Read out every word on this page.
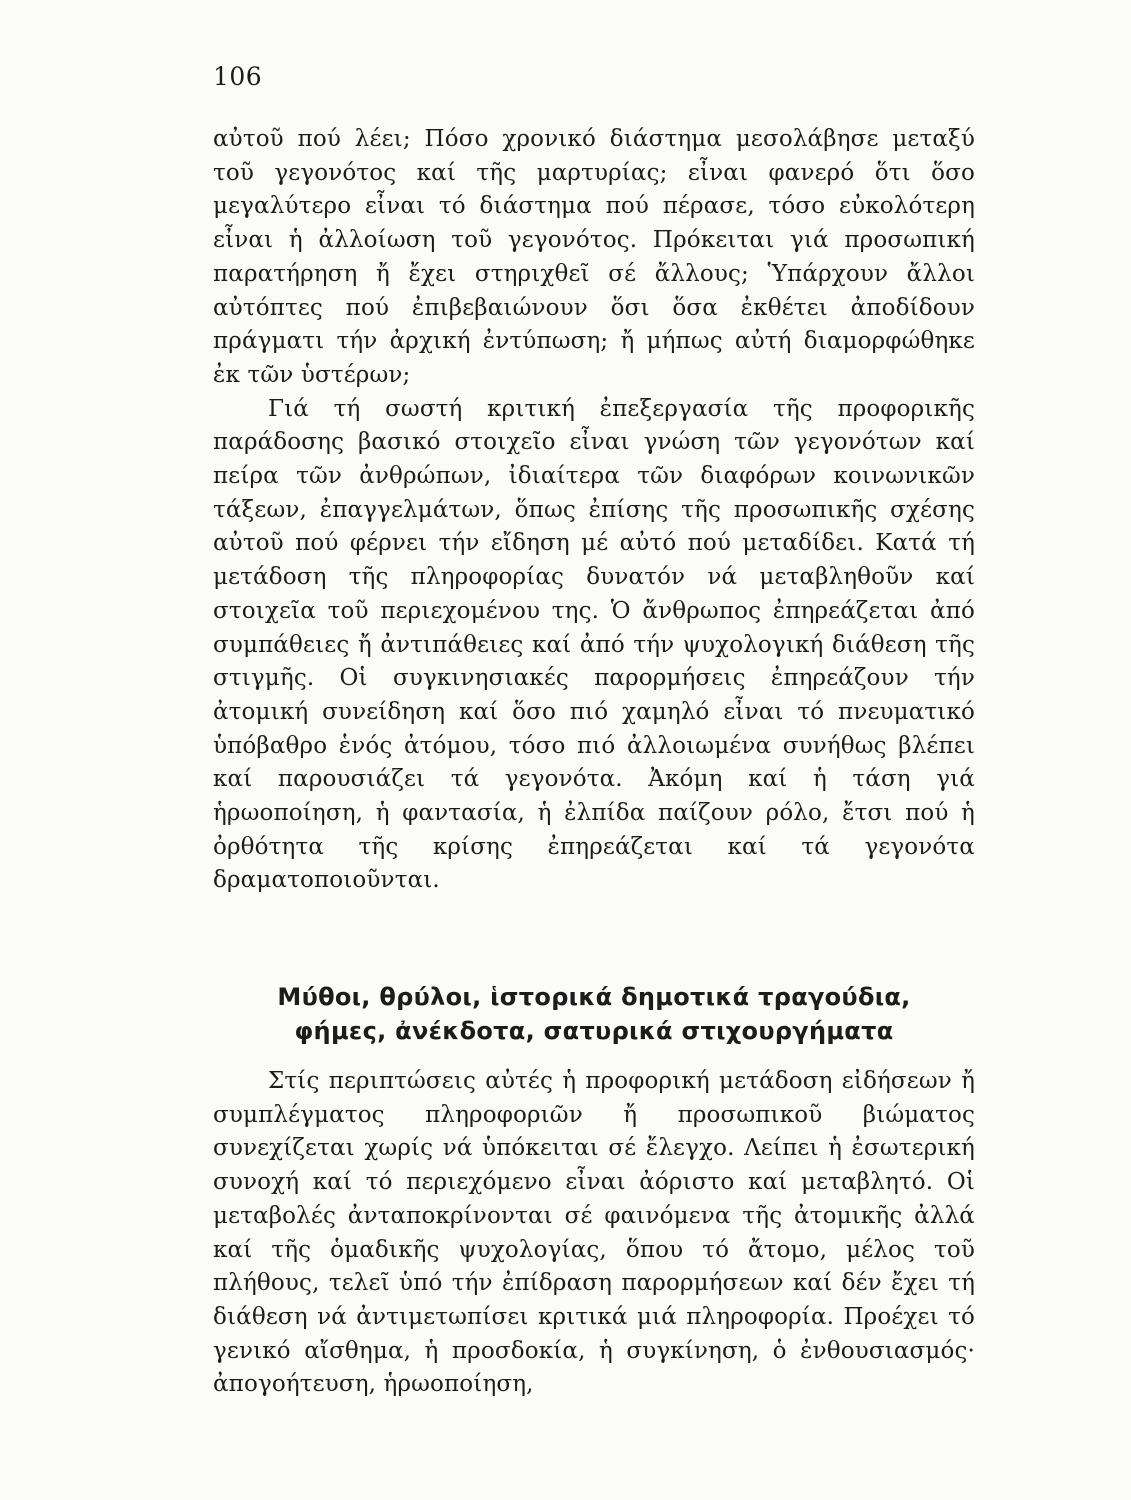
106

αὐτοῦ πού λέει; Πόσο χρονικό διάστημα μεσολάβησε μεταξύ τοῦ γεγονότος καί τῆς μαρτυρίας; εἶναι φανερό ὅτι ὅσο μεγαλύτερο εἶναι τό διάστημα πού πέρασε, τόσο εὐκολότερη εἶναι ἡ ἀλλοίωση τοῦ γεγονότος. Πρόκειται γιά προσωπική παρατήρηση ἤ ἔχει στηριχθεῖ σέ ἄλλους; Ὑπάρχουν ἄλλοι αὐτόπτες πού ἐπιβεβαιώνουν ὅσι ὅσα ἐκθέτει ἀποδίδουν πράγματι τήν ἀρχική ἐντύπωση; ἤ μήπως αὐτή διαμορφώθηκε ἐκ τῶν ὑστέρων;

Γιά τή σωστή κριτική ἐπεξεργασία τῆς προφορικῆς παράδοσης βασικό στοιχεῖο εἶναι γνώση τῶν γεγονότων καί πείρα τῶν ἀνθρώπων, ἰδιαίτερα τῶν διαφόρων κοινωνικῶν τάξεων, ἐπαγγελμάτων, ὅπως ἐπίσης τῆς προσωπικῆς σχέσης αὐτοῦ πού φέρνει τήν εἴδηση μέ αὐτό πού μεταδίδει. Κατά τή μετάδοση τῆς πληροφορίας δυνατόν νά μεταβληθοῦν καί στοιχεῖα τοῦ περιεχομένου της. Ὁ ἄνθρωπος ἐπηρεάζεται ἀπό συμπάθειες ἤ ἀντιπάθειες καί ἀπό τήν ψυχολογική διάθεση τῆς στιγμῆς. Οἱ συγκινησιακές παρορμήσεις ἐπηρεάζουν τήν ἀτομική συνείδηση καί ὅσο πιό χαμηλό εἶναι τό πνευματικό ὑπόβαθρο ἑνός ἀτόμου, τόσο πιό ἀλλοιωμένα συνήθως βλέπει καί παρουσιάζει τά γεγονότα. Ἀκόμη καί ἡ τάση γιά ἡρωοποίηση, ἡ φαντασία, ἡ ἐλπίδα παίζουν ρόλο, ἔτσι πού ἡ ὀρθότητα τῆς κρίσης ἐπηρεάζεται καί τά γεγονότα δραματοποιοῦνται.

Μύθοι, θρύλοι, ἱστορικά δημοτικά τραγούδια,
φήμες, ἀνέκδοτα, σατυρικά στιχουργήματα

Στίς περιπτώσεις αὐτές ἡ προφορική μετάδοση εἰδήσεων ἤ συμπλέγματος πληροφοριῶν ἤ προσωπικοῦ βιώματος συνεχίζεται χωρίς νά ὑπόκειται σέ ἔλεγχο. Λείπει ἡ ἐσωτερική συνοχή καί τό περιεχόμενο εἶναι ἀόριστο καί μεταβλητό. Οἱ μεταβολές ἀνταποκρίνονται σέ φαινόμενα τῆς ἀτομικῆς ἀλλά καί τῆς ὁμαδικῆς ψυχολογίας, ὅπου τό ἄτομο, μέλος τοῦ πλήθους, τελεῖ ὑπό τήν ἐπίδραση παρορμήσεων καί δέν ἔχει τή διάθεση νά ἀντιμετωπίσει κριτικά μιά πληροφορία. Προέχει τό γενικό αἴσθημα, ἡ προσδοκία, ἡ συγκίνηση, ὁ ἐνθουσιασμός· ἀπογοήτευση, ἡρωοποίηση,
